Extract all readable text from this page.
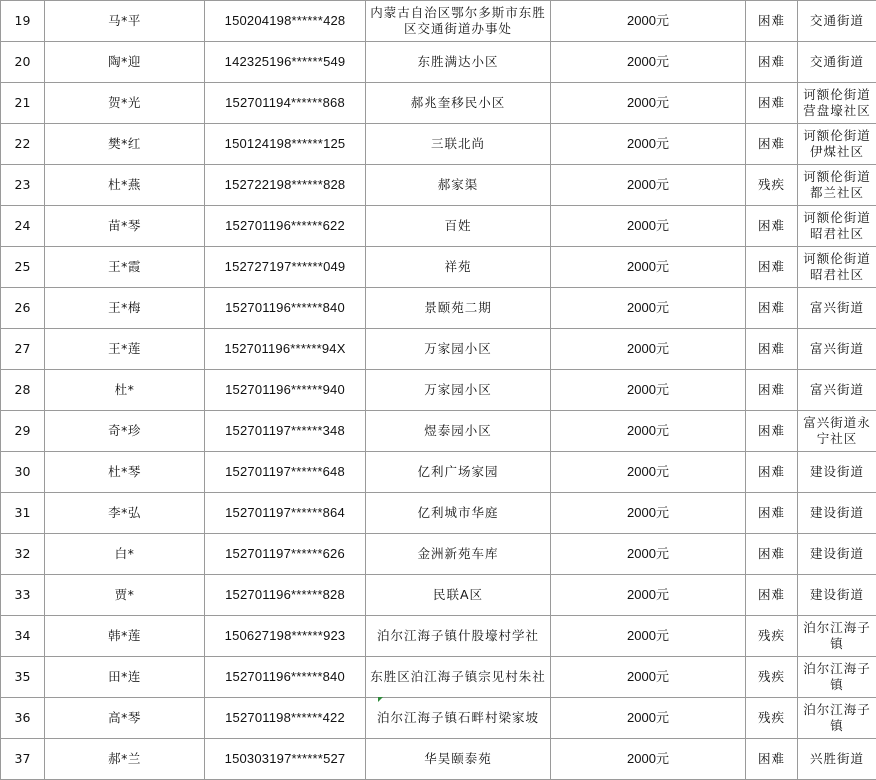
19	马*平	150204198******428	内蒙古自治区鄂尔多斯市东胜区交通街道办事处	2000元	困难	交通街道
20	陶*迎	142325196******549	东胜满达小区	2000元	困难	交通街道
21	贺*光	152701194******868	郝兆奎移民小区	2000元	困难	诃额伦街道营盘壕社区
22	樊*红	150124198******125	三联北尚	2000元	困难	诃额伦街道伊煤社区
23	杜*燕	152722198******828	郝家渠	2000元	残疾	诃额伦街道都兰社区
24	苗*琴	152701196******622	百姓	2000元	困难	诃额伦街道昭君社区
25	王*霞	152727197******049	祥苑	2000元	困难	诃额伦街道昭君社区
26	王*梅	152701196******840	景颐苑二期	2000元	困难	富兴街道
27	王*莲	152701196******94X	万家园小区	2000元	困难	富兴街道
28	杜*	152701196******940	万家园小区	2000元	困难	富兴街道
29	奇*珍	152701197******348	煜泰园小区	2000元	困难	富兴街道永宁社区
30	杜*琴	152701197******648	亿利广场家园	2000元	困难	建设街道
31	李*弘	152701197******864	亿利城市华庭	2000元	困难	建设街道
32	白*	152701197******626	金洲新苑车库	2000元	困难	建设街道
33	贾*	152701196******828	民联A区	2000元	困难	建设街道
34	韩*莲	150627198******923	泊尔江海子镇什股壕村学社	2000元	残疾	泊尔江海子镇
35	田*连	152701196******840	东胜区泊江海子镇宗见村朱社	2000元	残疾	泊尔江海子镇
36	高*琴	152701198******422	泊尔江海子镇石畔村梁家坡	2000元	残疾	泊尔江海子镇
37	郝*兰	150303197******527	华昊颐泰苑	2000元	困难	兴胜街道
